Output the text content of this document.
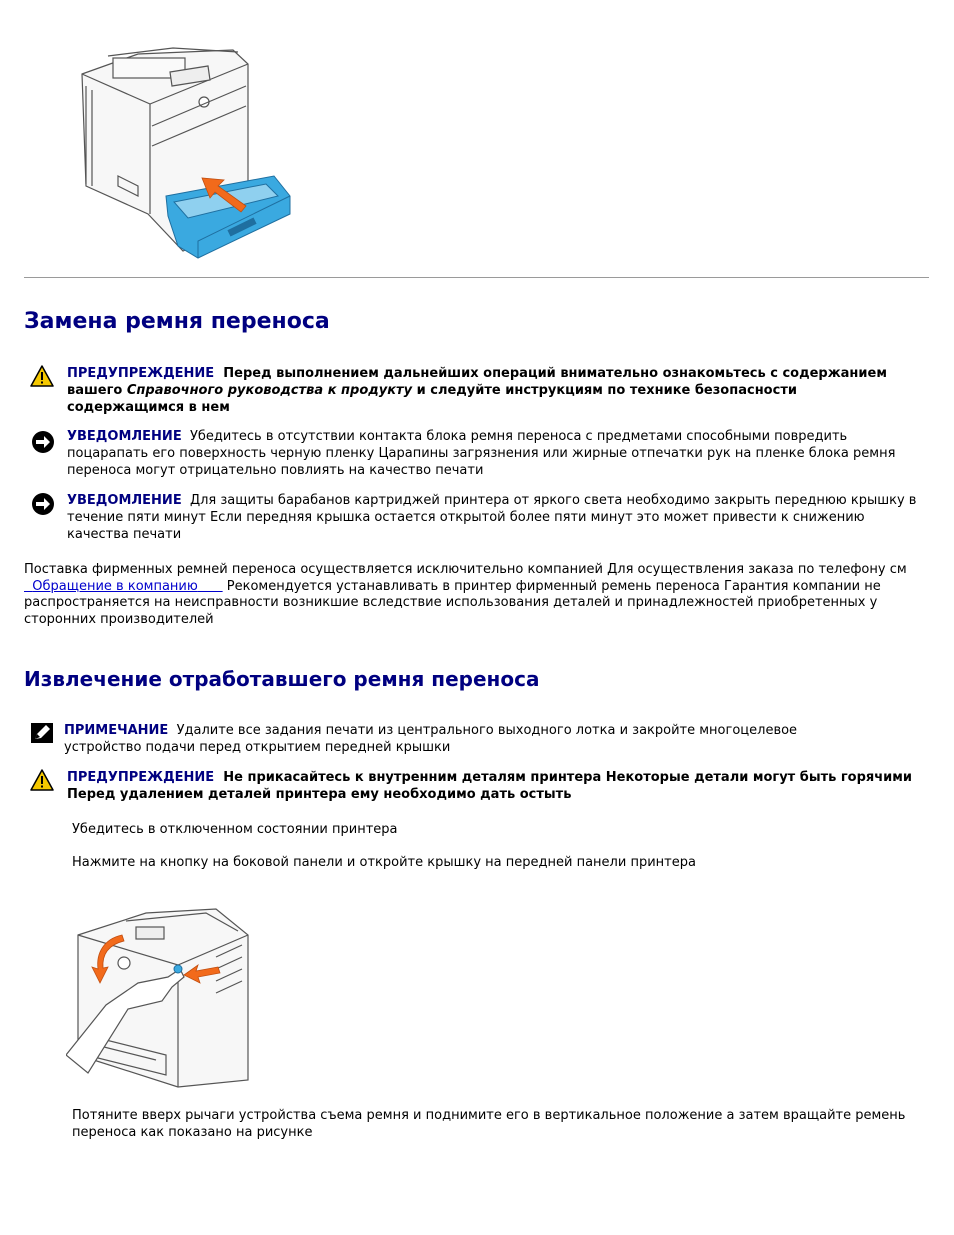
Замена ремня переноса
ПРЕДУПРЕЖДЕНИЕ Перед выполнением дальнейших операций внимательно ознакомьтесь с содержанием вашего Справочного руководства к продукту и следуйте инструкциям по технике безопасности содержащимся в нем
УВЕДОМЛЕНИЕ Убедитесь в отсутствии контакта блока ремня переноса с предметами способными повредить поцарапать его поверхность черную пленку Царапины загрязнения или жирные отпечатки рук на пленке блока ремня переноса могут отрицательно повлиять на качество печати
УВЕДОМЛЕНИЕ Для защиты барабанов картриджей принтера от яркого света необходимо закрыть переднюю крышку в течение пяти минут Если передняя крышка остается открытой более пяти минут это может привести к снижению качества печати
Поставка фирменных ремней переноса осуществляется исключительно компанией Для осуществления заказа по телефону см   Обращение в компанию Рекомендуется устанавливать в принтер фирменный ремень переноса Гарантия компании не распространяется на неисправности возникшие вследствие использования деталей и принадлежностей приобретенных у сторонних производителей
Извлечение отработавшего ремня переноса
ПРИМЕЧАНИЕ Удалите все задания печати из центрального выходного лотка и закройте многоцелевое устройство подачи перед открытием передней крышки
ПРЕДУПРЕЖДЕНИЕ Не прикасайтесь к внутренним деталям принтера Некоторые детали могут быть горячими Перед удалением деталей принтера ему необходимо дать остыть
Убедитесь в отключенном состоянии принтера
Нажмите на кнопку на боковой панели и откройте крышку на передней панели принтера
Потяните вверх рычаги устройства съема ремня и поднимите его в вертикальное положение а затем вращайте ремень переноса как показано на рисунке
